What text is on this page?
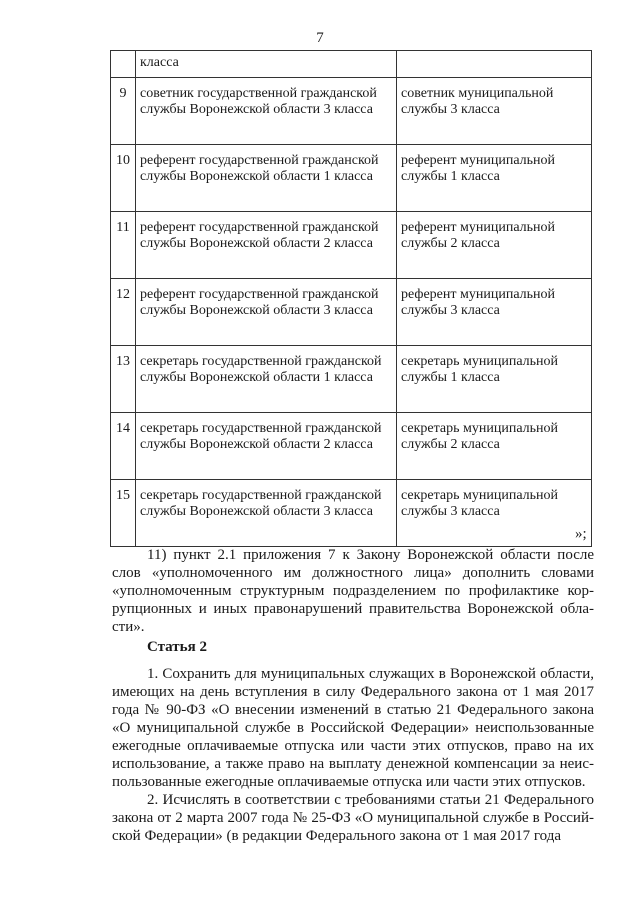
7
	класса	
9	советник государственной гражданской службы Воронежской области 3 класса	советник муниципальной службы 3 класса
10	референт государственной гражданской службы Воронежской области 1 класса	референт муниципальной службы 1 класса
11	референт государственной гражданской службы Воронежской области 2 класса	референт муниципальной службы 2 класса
12	референт государственной гражданской службы Воронежской области 3 класса	референт муниципальной службы 3 класса
13	секретарь государственной гражданской службы Воронежской области 1 класса	секретарь муниципальной службы 1 класса
14	секретарь государственной гражданской службы Воронежской области 2 класса	секретарь муниципальной службы 2 класса
15	секретарь государственной гражданской службы Воронежской области 3 класса	секретарь муниципальной службы 3 класса
»;

11) пункт 2.1 приложения 7 к Закону Воронежской области после слов «уполномоченного им должностного лица» дополнить словами «уполномоченным структурным подразделением по профилактике коррупционных и иных правонарушений правительства Воронежской области».

Статья 2

1. Сохранить для муниципальных служащих в Воронежской области, имеющих на день вступления в силу Федерального закона от 1 мая 2017 года № 90-ФЗ «О внесении изменений в статью 21 Федерального закона «О муниципальной службе в Российской Федерации» неиспользованные ежегодные оплачиваемые отпуска или части этих отпусков, право на их использование, а также право на выплату денежной компенсации за неиспользованные ежегодные оплачиваемые отпуска или части этих отпусков.

2. Исчислять в соответствии с требованиями статьи 21 Федерального закона от 2 марта 2007 года № 25-ФЗ «О муниципальной службе в Российской Федерации» (в редакции Федерального закона от 1 мая 2017 года
